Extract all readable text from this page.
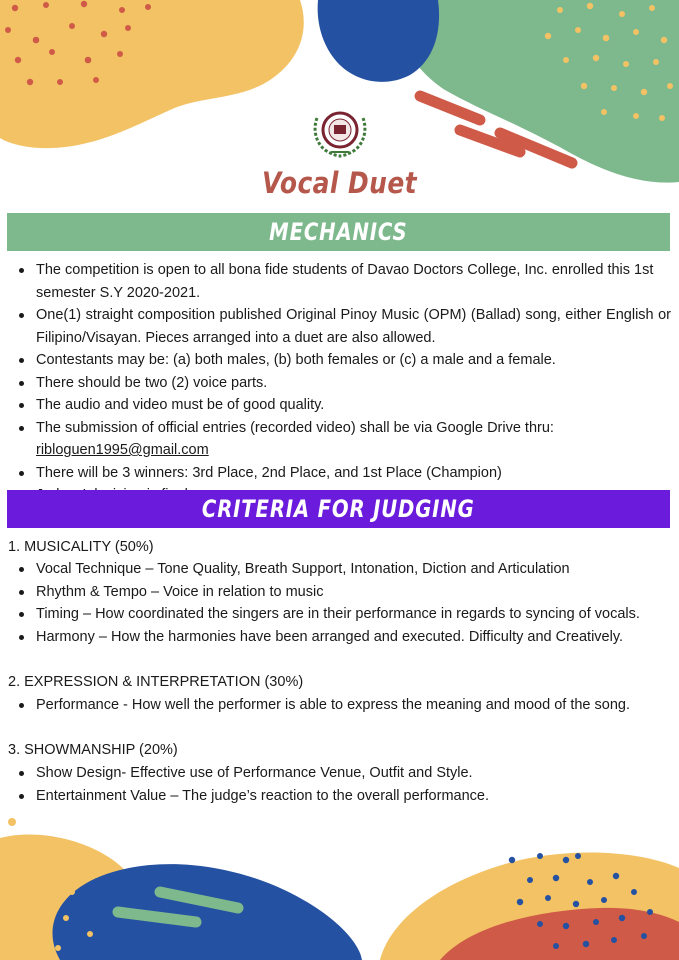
Vocal Duet
MECHANICS
The competition is open to all bona fide students of Davao Doctors College, Inc. enrolled this 1st semester S.Y 2020-2021.
One(1) straight composition published Original Pinoy Music (OPM) (Ballad) song, either English or Filipino/Visayan. Pieces arranged into a duet are also allowed.
Contestants may be: (a) both males, (b) both females or (c) a male and a female.
There should be two (2) voice parts.
The audio and video must be of good quality.
The submission of official entries (recorded video) shall be via Google Drive thru: ribloguen1995@gmail.com
There will be 3 winners: 3rd Place, 2nd Place, and 1st Place (Champion)
CRITERIA FOR JUDGING
1. MUSICALITY (50%)
Vocal Technique – Tone Quality, Breath Support, Intonation, Diction and Articulation
Rhythm & Tempo – Voice in relation to music
Timing – How coordinated the singers are in their performance in regards to syncing of vocals.
Harmony – How the harmonies have been arranged and executed. Difficulty and Creatively.
2. EXPRESSION & INTERPRETATION (30%)
Performance - How well the performer is able to express the meaning and mood of the song.
3. SHOWMANSHIP (20%)
Show Design- Effective use of Performance Venue, Outfit and Style.
Entertainment Value – The judge’s reaction to the overall performance.
